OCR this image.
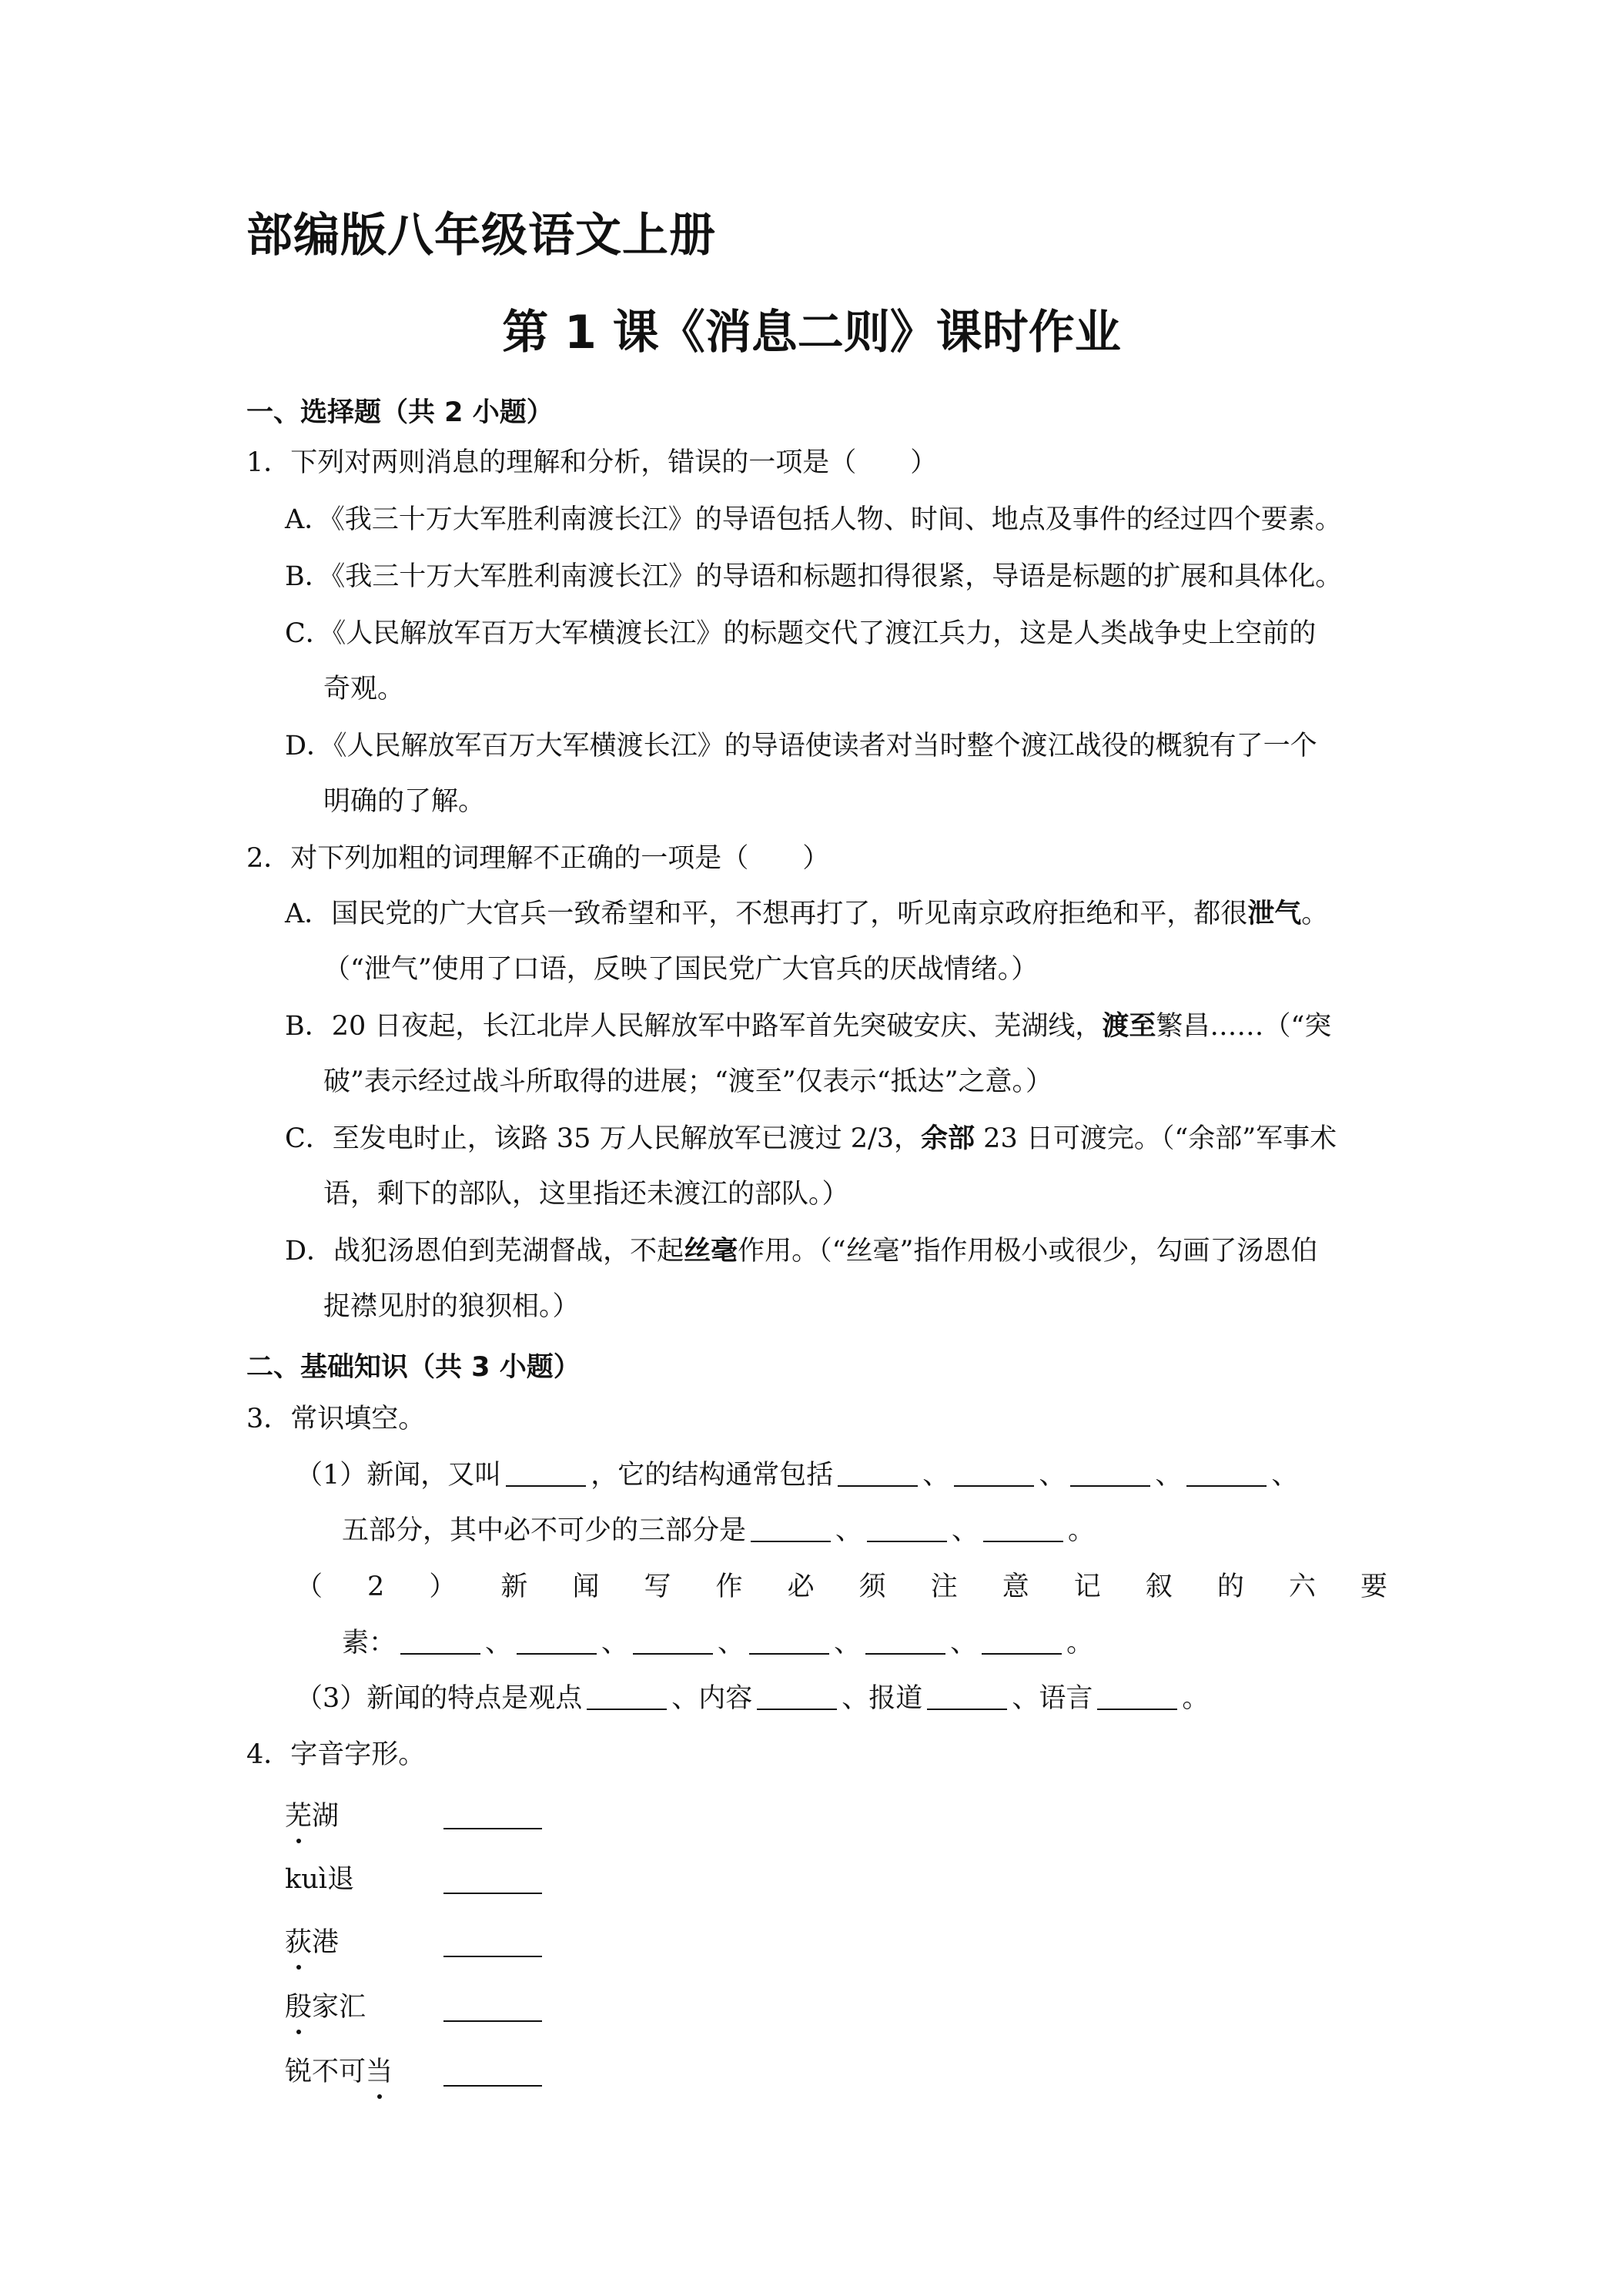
部编版八年级语文上册
第 1 课《消息二则》课时作业
一、选择题（共 2 小题）
1．下列对两则消息的理解和分析，错误的一项是（　　）
A．《我三十万大军胜利南渡长江》的导语包括人物、时间、地点及事件的经过四个要素。
B．《我三十万大军胜利南渡长江》的导语和标题扣得很紧，导语是标题的扩展和具体化。
C．《人民解放军百万大军横渡长江》的标题交代了渡江兵力，这是人类战争史上空前的
奇观。
D．《人民解放军百万大军横渡长江》的导语使读者对当时整个渡江战役的概貌有了一个
明确的了解。
2．对下列加粗的词理解不正确的一项是（　　）
A．国民党的广大官兵一致希望和平，不想再打了，听见南京政府拒绝和平，都很泄气。
（“泄气”使用了口语，反映了国民党广大官兵的厌战情绪。）
B．20 日夜起，长江北岸人民解放军中路军首先突破安庆、芜湖线，渡至繁昌……（“突
破”表示经过战斗所取得的进展；“渡至”仅表示“抵达”之意。）
C．至发电时止，该路 35 万人民解放军已渡过 2/3，余部 23 日可渡完。（“余部”军事术
语，剩下的部队，这里指还未渡江的部队。）
D．战犯汤恩伯到芜湖督战，不起丝毫作用。（“丝毫”指作用极小或很少，勾画了汤恩伯
捉襟见肘的狼狈相。）
二、基础知识（共 3 小题）
3．常识填空。
（1）新闻，又叫	，它的结构通常包括	、	、	、	、
五部分，其中必不可少的三部分是	、	、	。
（ 2 ） 新 闻 写 作 必 须 注 意 记 叙 的 六 要
素：	、	、	、	、	、	。
（3）新闻的特点是观点	、内容	、报道	、语言	。
4．字音字形。
芜湖
kuì退
荻港
殷家汇
锐不可当
